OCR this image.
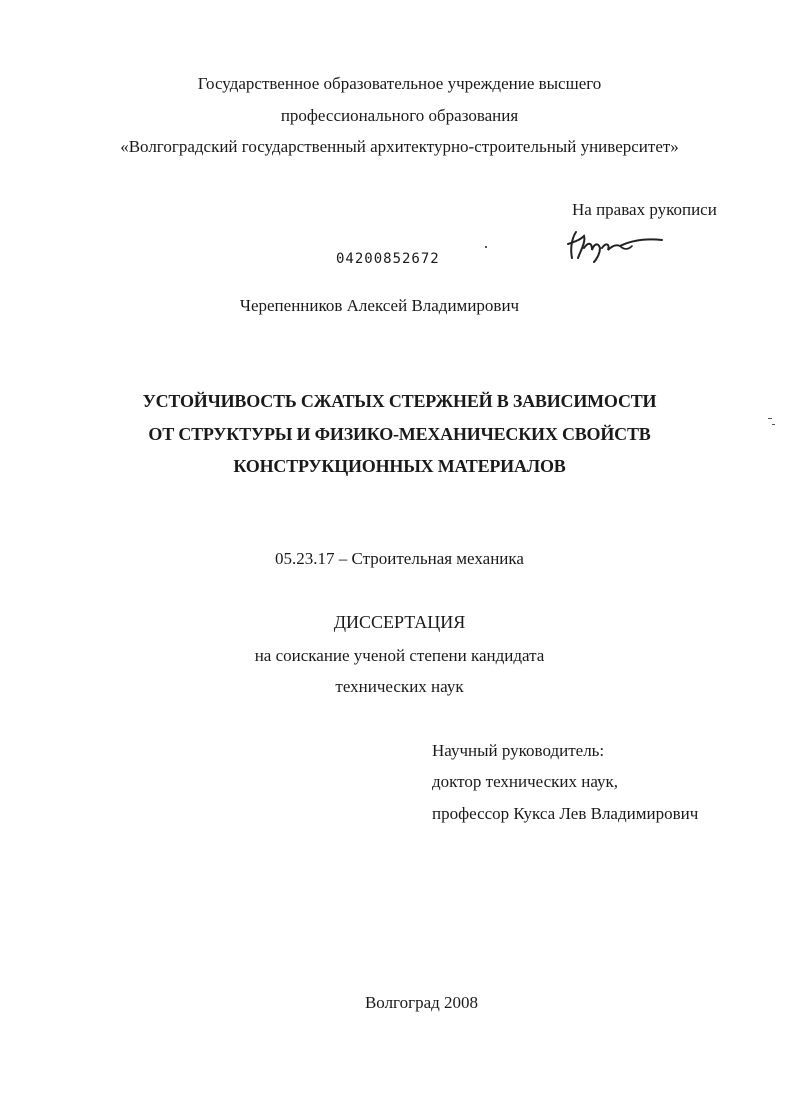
Государственное образовательное учреждение высшего
профессионального образования
«Волгоградский государственный архитектурно-строительный университет»
На правах рукописи
04200852672
Черепенников Алексей Владимирович
УСТОЙЧИВОСТЬ СЖАТЫХ СТЕРЖНЕЙ В ЗАВИСИМОСТИ
ОТ СТРУКТУРЫ И ФИЗИКО-МЕХАНИЧЕСКИХ СВОЙСТВ
КОНСТРУКЦИОННЫХ МАТЕРИАЛОВ
05.23.17 – Строительная механика
ДИССЕРТАЦИЯ
на соискание ученой степени кандидата
технических наук
Научный руководитель:
доктор технических наук,
профессор Кукса Лев Владимирович
Волгоград 2008
